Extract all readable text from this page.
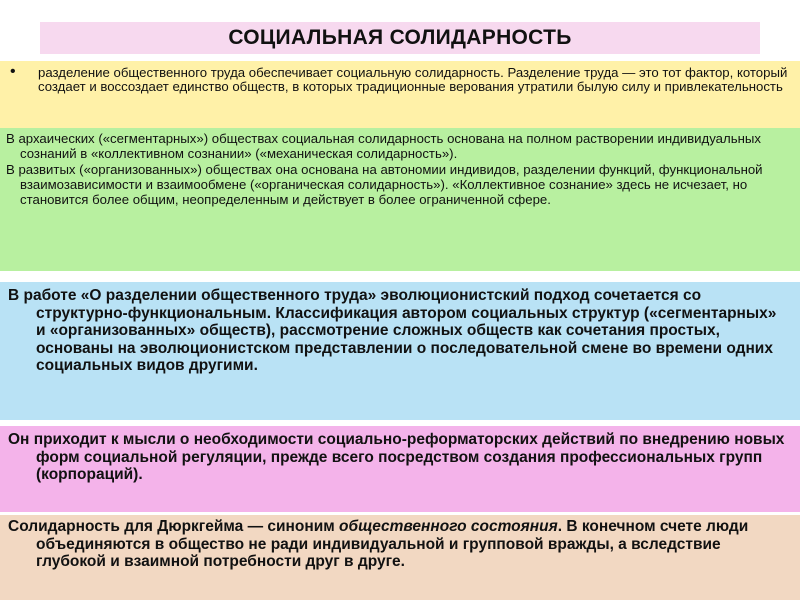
СОЦИАЛЬНАЯ СОЛИДАРНОСТЬ
• разделение общественного труда обеспечивает социальную солидарность. Разделение труда — это тот фактор, который создает и воссоздает единство обществ, в которых традиционные верования утратили былую силу и привлекательность

В архаических («сегментарных») обществах социальная солидарность основана на полном растворении индивидуальных сознаний в «коллективном сознании» («механическая солидарность»).

В развитых («организованных») обществах она основана на автономии индивидов, разделении функций, функциональной взаимозависимости и взаимообмене («органическая солидарность»). «Коллективное сознание» здесь не исчезает, но становится более общим, неопределенным и действует в более ограниченной сфере.

В работе «О разделении общественного труда» эволюционистский подход сочетается со структурно-функциональным. Классификация автором социальных структур («сегментарных» и «организованных» обществ), рассмотрение сложных обществ как сочетания простых, основаны на эволюционистском представлении о последовательной смене во времени одних социальных видов другими.

Он приходит к мысли о необходимости социально-реформаторских действий по внедрению новых форм социальной регуляции, прежде всего посредством создания профессиональных групп (корпораций).

Солидарность для Дюркгейма — синоним общественного состояния. В конечном счете люди объединяются в общество не ради индивидуальной и групповой вражды, а вследствие глубокой и взаимной потребности друг в друге.
